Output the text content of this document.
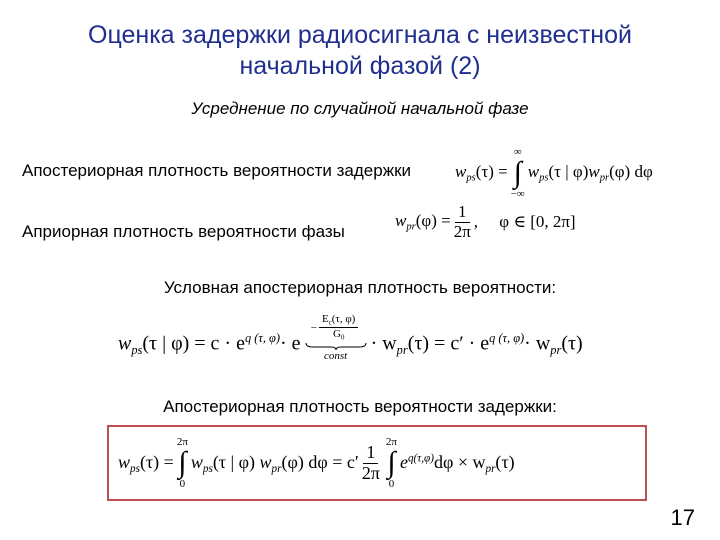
Оценка задержки радиосигнала с неизвестной
начальной фазой (2)
Усреднение по случайной начальной фазе
Апостериорная плотность вероятности задержки	$w_{ps}(\tau)$ =
∞
∫
−∞
$w_{ps}(\tau$ | φ) $w_{pr}(\varphi)$ dφ
Априорная плотность вероятности фазы
$w_{pr}(\varphi) = \frac{1}{2\pi}$ ,     φ ∈ [0, 2π]
Условная апостериорная плотность вероятности:
$w_{ps}(\tau$ | $\varphi) = c \cdot e^{q (\tau, \varphi)}\cdot e$
− $\frac{E_c(\tau, \varphi)}{G_0}$
const
· $w_{pr}(\tau) = c' \cdot e^{q (\tau, \varphi)}\cdot w_{pr}(\tau)$
Апостериорная плотность вероятности задержки:
$w_{ps}(\tau)$ =
2π
∫
0
$w_{ps}(\tau$ | φ) $w_{pr}(\varphi) d\varphi = c' \frac{1}{2\pi}$
2π
∫
0
$e^{q(\tau,\varphi)}d\varphi \times w_{pr}(\tau)$
17
